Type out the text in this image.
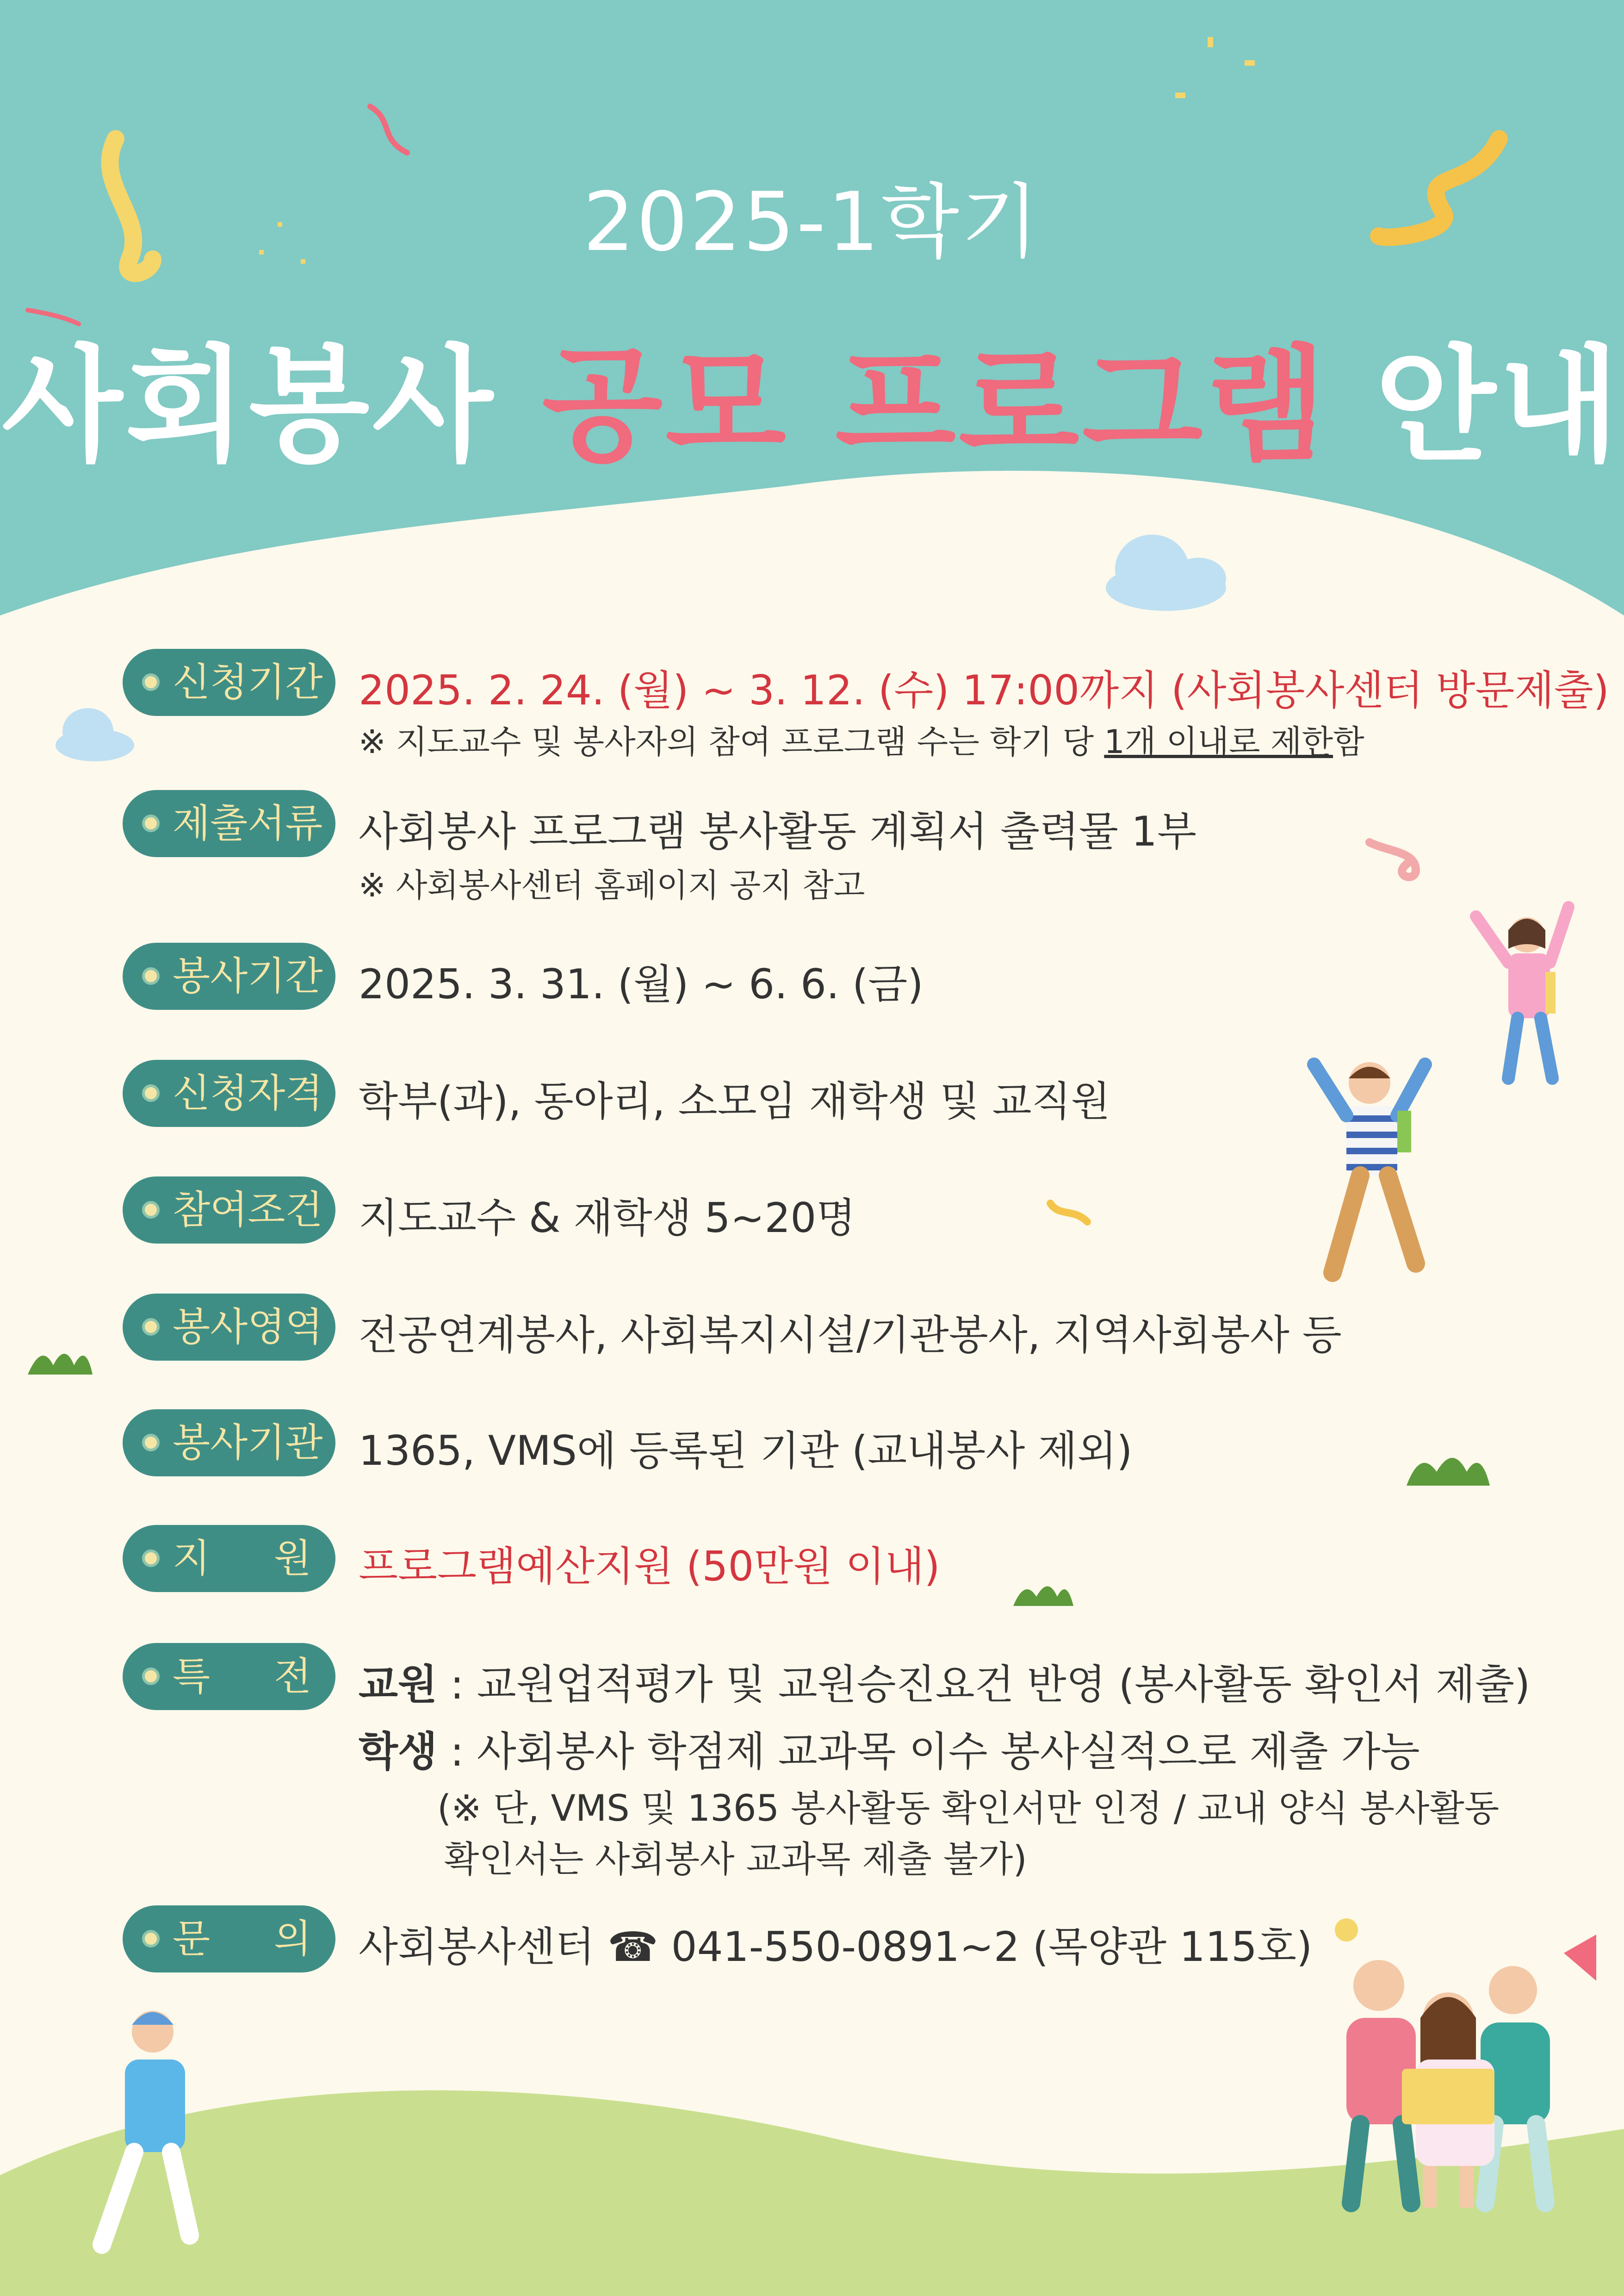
2025-1학기
사회봉사 공모 프로그램 안내
신청기간 2025. 2. 24. (월) ~ 3. 12. (수) 17:00까지 (사회봉사센터 방문제출)
※ 지도교수 및 봉사자의 참여 프로그램 수는 학기 당 1개 이내로 제한함
제출서류 사회봉사 프로그램 봉사활동 계획서 출력물 1부
※ 사회봉사센터 홈페이지 공지 참고
봉사기간 2025. 3. 31. (월) ~ 6. 6. (금)
신청자격 학부(과), 동아리, 소모임 재학생 및 교직원
참여조건 지도교수 & 재학생 5~20명
봉사영역 전공연계봉사, 사회복지시설/기관봉사, 지역사회봉사 등
봉사기관 1365, VMS에 등록된 기관 (교내봉사 제외)
지 원 프로그램예산지원 (50만원 이내)
특 전 교원 : 교원업적평가 및 교원승진요건 반영 (봉사활동 확인서 제출)
학생 : 사회봉사 학점제 교과목 이수 봉사실적으로 제출 가능
(※ 단, VMS 및 1365 봉사활동 확인서만 인정 / 교내 양식 봉사활동
확인서는 사회봉사 교과목 제출 불가)
문 의 사회봉사센터 ☎ 041-550-0891~2 (목양관 115호)
